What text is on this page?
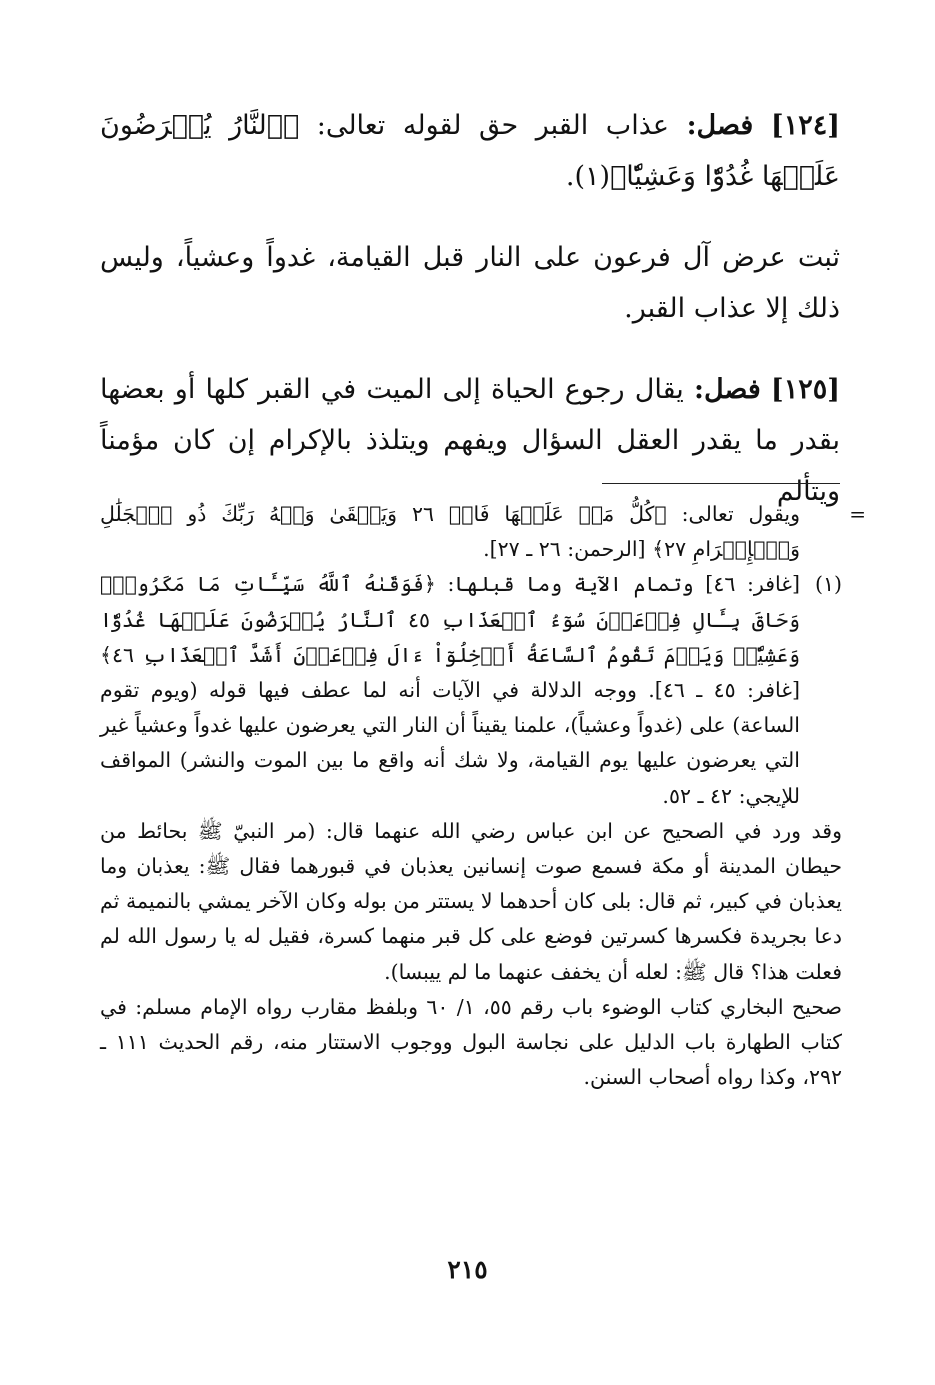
[١٢٤] فصل: عذاب القبر حق لقوله تعالى: ﴿ٱلنَّارُ يُعۡرَضُونَ عَلَيۡهَا غُدُوّٗا وَعَشِيّٗا﴾(١).

ثبت عرض آل فرعون على النار قبل القيامة، غدواً وعشياً، وليس ذلك إلا عذاب القبر.

[١٢٥] فصل: يقال رجوع الحياة إلى الميت في القبر كلها أو بعضها بقدر ما يقدر العقل السؤال ويفهم ويتلذذ بالإكرام إن كان مؤمناً ويتألم

=
ويقول تعالى: ﴿كُلُّ مَنۡ عَلَيۡهَا فَانٖ ٢٦ وَيَبۡقَىٰ وَجۡهُ رَبِّكَ ذُو ٱلۡجَلَٰلِ وَٱلۡإِكۡرَامِ ٢٧﴾ [الرحمن: ٢٦ ـ ٢٧].

(١)
[غافر: ٤٦] وتمام الآية وما قبلها: ﴿فَوَقَىٰهُ ٱللَّهُ سَيِّـَٔاتِ مَا مَكَرُواْۖ وَحَاقَ بِـَٔالِ فِرۡعَوۡنَ سُوٓءُ ٱلۡعَذَابِ ٤٥ ٱلنَّارُ يُعۡرَضُونَ عَلَيۡهَا غُدُوّٗا وَعَشِيّٗاۚ وَيَوۡمَ تَقُومُ ٱلسَّاعَةُ أَدۡخِلُوٓاْ ءَالَ فِرۡعَوۡنَ أَشَدَّ ٱلۡعَذَابِ ٤٦﴾ [غافر: ٤٥ ـ ٤٦]. ووجه الدلالة في الآيات أنه لما عطف فيها قوله (ويوم تقوم الساعة) على (غدواً وعشياً)، علمنا يقيناً أن النار التي يعرضون عليها غدواً وعشياً غير التي يعرضون عليها يوم القيامة، ولا شك أنه واقع ما بين الموت والنشر) المواقف للإيجي: ٤٢ ـ ٥٢.

وقد ورد في الصحيح عن ابن عباس رضي الله عنهما قال: (مر النبيّ ﷺ بحائط من حيطان المدينة أو مكة فسمع صوت إنسانين يعذبان في قبورهما فقال ﷺ: يعذبان وما يعذبان في كبير، ثم قال: بلى كان أحدهما لا يستتر من بوله وكان الآخر يمشي بالنميمة ثم دعا بجريدة فكسرها كسرتين فوضع على كل قبر منهما كسرة، فقيل له يا رسول الله لم فعلت هذا؟ قال ﷺ: لعله أن يخفف عنهما ما لم ييبسا).

صحيح البخاري كتاب الوضوء باب رقم ٥٥، ١/ ٦٠ وبلفظ مقارب رواه الإمام مسلم: في كتاب الطهارة باب الدليل على نجاسة البول ووجوب الاستتار منه، رقم الحديث ١١١ ـ ٢٩٢، وكذا رواه أصحاب السنن.

٢١٥
